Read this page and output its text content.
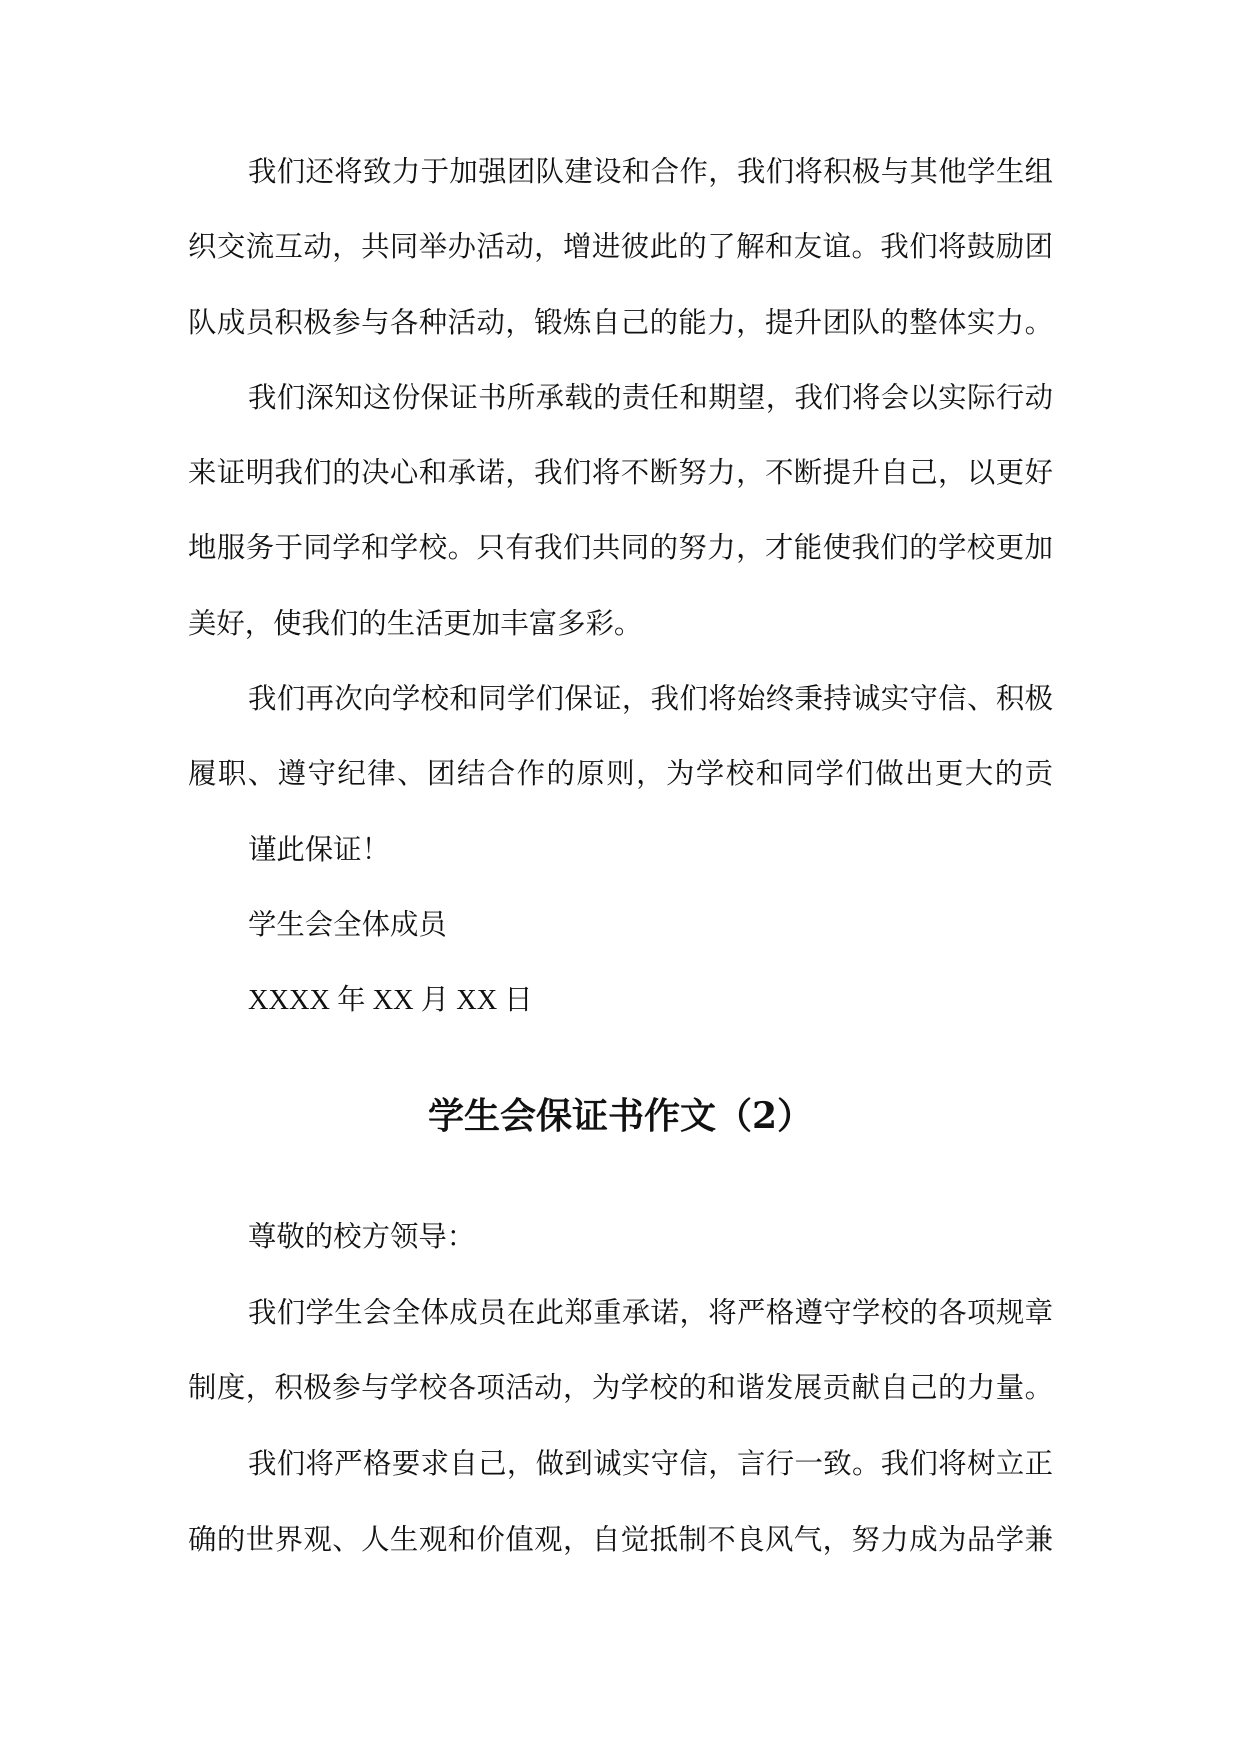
我们还将致力于加强团队建设和合作，我们将积极与其他学生组
织交流互动，共同举办活动，增进彼此的了解和友谊。我们将鼓励团
队成员积极参与各种活动，锻炼自己的能力，提升团队的整体实力。
我们深知这份保证书所承载的责任和期望，我们将会以实际行动
来证明我们的决心和承诺，我们将不断努力，不断提升自己，以更好
地服务于同学和学校。只有我们共同的努力，才能使我们的学校更加
美好，使我们的生活更加丰富多彩。
我们再次向学校和同学们保证，我们将始终秉持诚实守信、积极
履职、遵守纪律、团结合作的原则，为学校和同学们做出更大的贡
谨此保证！
学生会全体成员
XXXX 年 XX 月 XX 日
学生会保证书作文（2）
尊敬的校方领导：
我们学生会全体成员在此郑重承诺，将严格遵守学校的各项规章
制度，积极参与学校各项活动，为学校的和谐发展贡献自己的力量。
我们将严格要求自己，做到诚实守信，言行一致。我们将树立正
确的世界观、人生观和价值观，自觉抵制不良风气，努力成为品学兼
